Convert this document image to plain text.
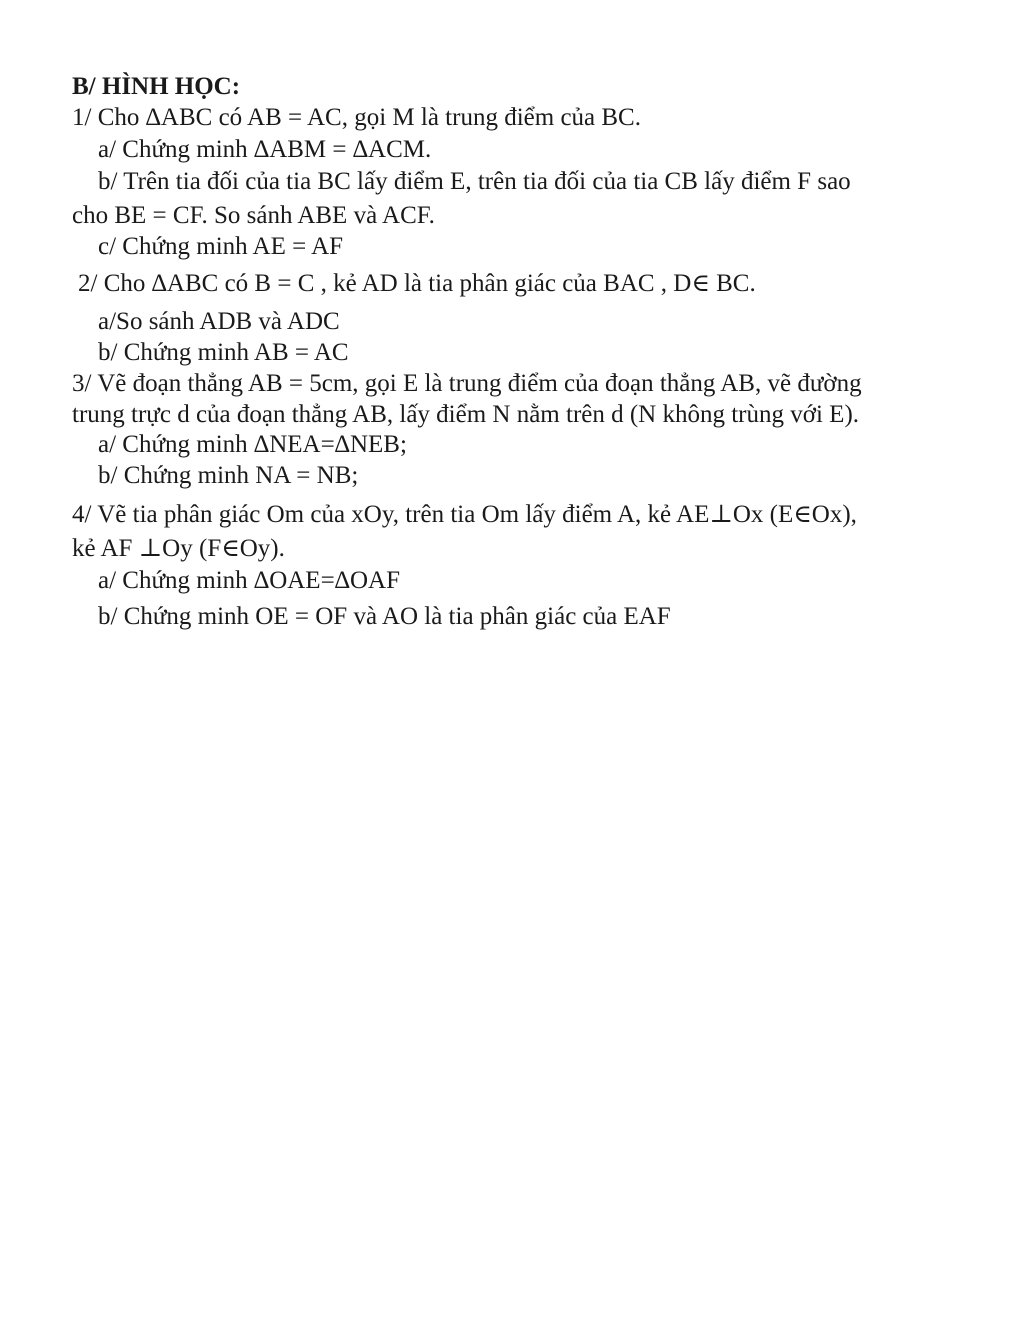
B/ HÌNH HỌC:
1/ Cho ∆ABC có AB = AC, gọi M là trung điểm của BC.
a/ Chứng minh ∆ABM = ∆ACM.
b/ Trên tia đối của tia BC lấy điểm E, trên tia đối của tia CB lấy điểm F sao
cho BE = CF. So sánh ABE và ACF.
c/ Chứng minh AE = AF
2/ Cho ∆ABC có B = C , kẻ AD là tia phân giác của BAC , D∈ BC.
a/So sánh ADB và ADC
b/ Chứng minh AB = AC
3/ Vẽ đoạn thẳng AB = 5cm, gọi E là trung điểm của đoạn thẳng AB, vẽ đường
trung trực d của đoạn thẳng AB, lấy điểm N nằm trên d (N không trùng với E).
a/ Chứng minh ∆NEA=∆NEB;
b/ Chứng minh NA = NB;
4/ Vẽ tia phân giác Om của xOy, trên tia Om lấy điểm A, kẻ AE⊥Ox (E∈Ox),
kẻ AF ⊥Oy (F∈Oy).
a/ Chứng minh ∆OAE=∆OAF
b/ Chứng minh OE = OF và AO là tia phân giác của EAF
